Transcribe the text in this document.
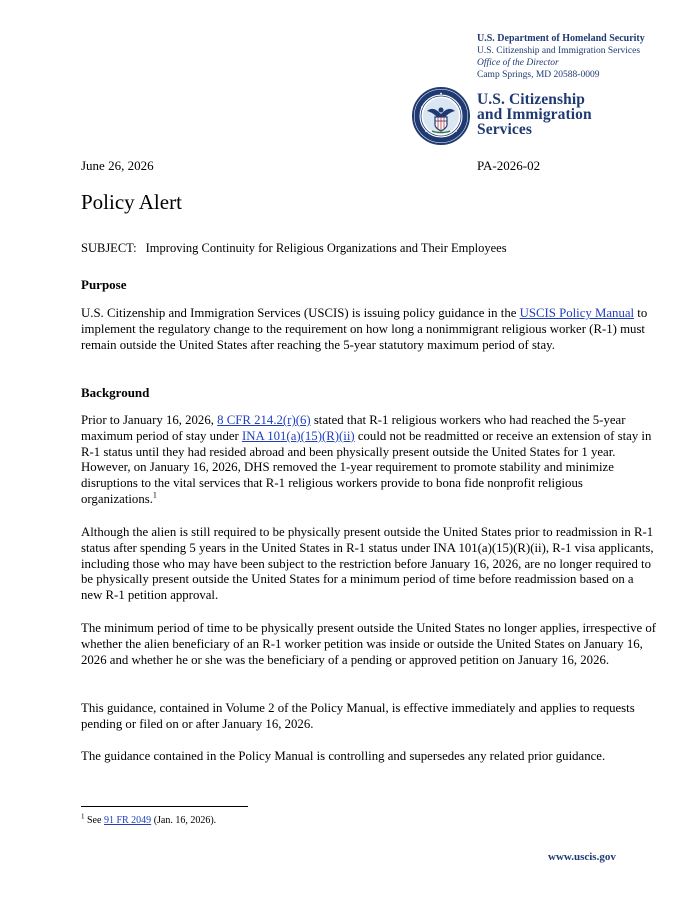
U.S. Department of Homeland Security
U.S. Citizenship and Immigration Services
Office of the Director
Camp Springs, MD 20588-0009
U.S. Citizenship
and Immigration
Services
June 26, 2026	PA-2026-02
Policy Alert
SUBJECT: Improving Continuity for Religious Organizations and Their Employees
Purpose
U.S. Citizenship and Immigration Services (USCIS) is issuing policy guidance in the USCIS Policy Manual to implement the regulatory change to the requirement on how long a nonimmigrant religious worker (R-1) must remain outside the United States after reaching the 5-year statutory maximum period of stay.
Background
Prior to January 16, 2026, 8 CFR 214.2(r)(6) stated that R-1 religious workers who had reached the 5-year maximum period of stay under INA 101(a)(15)(R)(ii) could not be readmitted or receive an extension of stay in R-1 status until they had resided abroad and been physically present outside the United States for 1 year. However, on January 16, 2026, DHS removed the 1-year requirement to promote stability and minimize disruptions to the vital services that R-1 religious workers provide to bona fide nonprofit religious organizations.$^1$
Although the alien is still required to be physically present outside the United States prior to readmission in R-1 status after spending 5 years in the United States in R-1 status under INA 101(a)(15)(R)(ii), R-1 visa applicants, including those who may have been subject to the restriction before January 16, 2026, are no longer required to be physically present outside the United States for a minimum period of time before readmission based on a new R-1 petition approval.
The minimum period of time to be physically present outside the United States no longer applies, irrespective of whether the alien beneficiary of an R-1 worker petition was inside or outside the United States on January 16, 2026 and whether he or she was the beneficiary of a pending or approved petition on January 16, 2026.
This guidance, contained in Volume 2 of the Policy Manual, is effective immediately and applies to requests pending or filed on or after January 16, 2026.
The guidance contained in the Policy Manual is controlling and supersedes any related prior guidance.
$^1$ See 91 FR 2049 (Jan. 16, 2026).
www.uscis.gov
